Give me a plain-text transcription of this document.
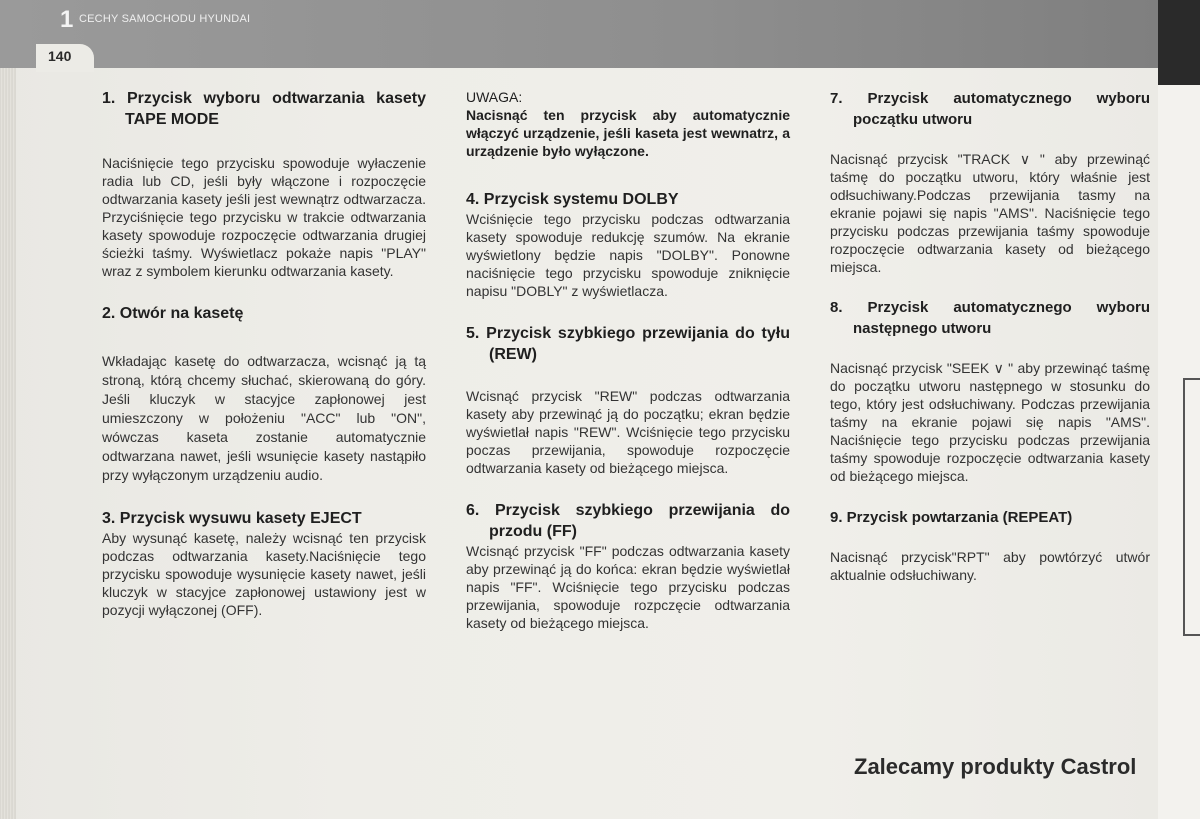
1 CECHY SAMOCHODU HYUNDAI
140

1. Przycisk wyboru odtwarzania kasety TAPE MODE

Naciśnięcie tego przycisku spowoduje wyłaczenie radia lub CD, jeśli były włączone i rozpoczęcie odtwarzania kasety jeśli jest wewnątrz odtwarzacza. Przyciśnięcie tego przycisku w trakcie odtwarzania kasety spowoduje rozpoczęcie odtwarzania drugiej ścieżki taśmy. Wyświetlacz pokaże napis "PLAY" wraz z symbolem kierunku odtwarzania kasety.

2. Otwór na kasetę

Wkładając kasetę do odtwarzacza, wcisnąć ją tą stroną, którą chcemy słuchać, skierowaną do góry. Jeśli kluczyk w stacyjce zapłonowej jest umieszczony w położeniu "ACC" lub "ON", wówczas kaseta zostanie automatycznie odtwarzana nawet, jeśli wsunięcie kasety nastąpiło przy wyłączonym urządzeniu audio.

3. Przycisk wysuwu kasety EJECT

Aby wysunąć kasetę, należy wcisnąć ten przycisk podczas odtwarzania kasety.Naciśnięcie tego przycisku spowoduje wysunięcie kasety nawet, jeśli kluczyk w stacyjce zapłonowej ustawiony jest w pozycji wyłączonej (OFF).

UWAGA:

Nacisnąć ten przycisk aby automatycznie włączyć urządzenie, jeśli kaseta jest wewnatrz, a urządzenie było wyłączone.

4. Przycisk systemu DOLBY

Wciśnięcie tego przycisku podczas odtwarzania kasety spowoduje redukcję szumów. Na ekranie wyświetlony będzie napis "DOLBY". Ponowne naciśnięcie tego przycisku spowoduje zniknięcie napisu "DOBLY" z wyświetlacza.

5. Przycisk szybkiego przewijania do tyłu (REW)

Wcisnąć przycisk "REW" podczas odtwarzania kasety aby przewinąć ją do początku; ekran będzie wyświetlał napis "REW". Wciśnięcie tego przycisku poczas przewijania, spowoduje rozpoczęcie odtwarzania kasety od bieżącego miejsca.

6. Przycisk szybkiego przewijania do przodu (FF)

Wcisnąć przycisk "FF" podczas odtwarzania kasety aby przewinąć ją do końca: ekran będzie wyświetlał napis "FF". Wciśnięcie tego przycisku podczas przewijania, spowoduje rozpczęcie odtwarzania kasety od bieżącego miejsca.

7. Przycisk automatycznego wyboru początku utworu

Nacisnąć przycisk "TRACK ∨ " aby przewinąć taśmę do początku utworu, który właśnie jest odłsuchiwany.Podczas przewijania tasmy na ekranie pojawi się napis "AMS". Naciśnięcie tego przycisku podczas przewijania taśmy spowoduje rozpoczęcie odtwarzania kasety od bieżącego miejsca.

8. Przycisk automatycznego wyboru następnego utworu

Nacisnąć przycisk "SEEK ∨ " aby przewinąć taśmę do początku utworu następnego w stosunku do tego, który jest odsłuchiwany. Podczas przewijania taśmy na ekranie pojawi się napis "AMS". Naciśnięcie tego przycisku podczas przewijania taśmy spowoduje rozpoczęcie odtwarzania kasety od bieżącego miejsca.

9. Przycisk powtarzania (REPEAT)

Nacisnąć przycisk"RPT" aby powtórzyć utwór aktualnie odsłuchiwany.

Zalecamy produkty Castrol
